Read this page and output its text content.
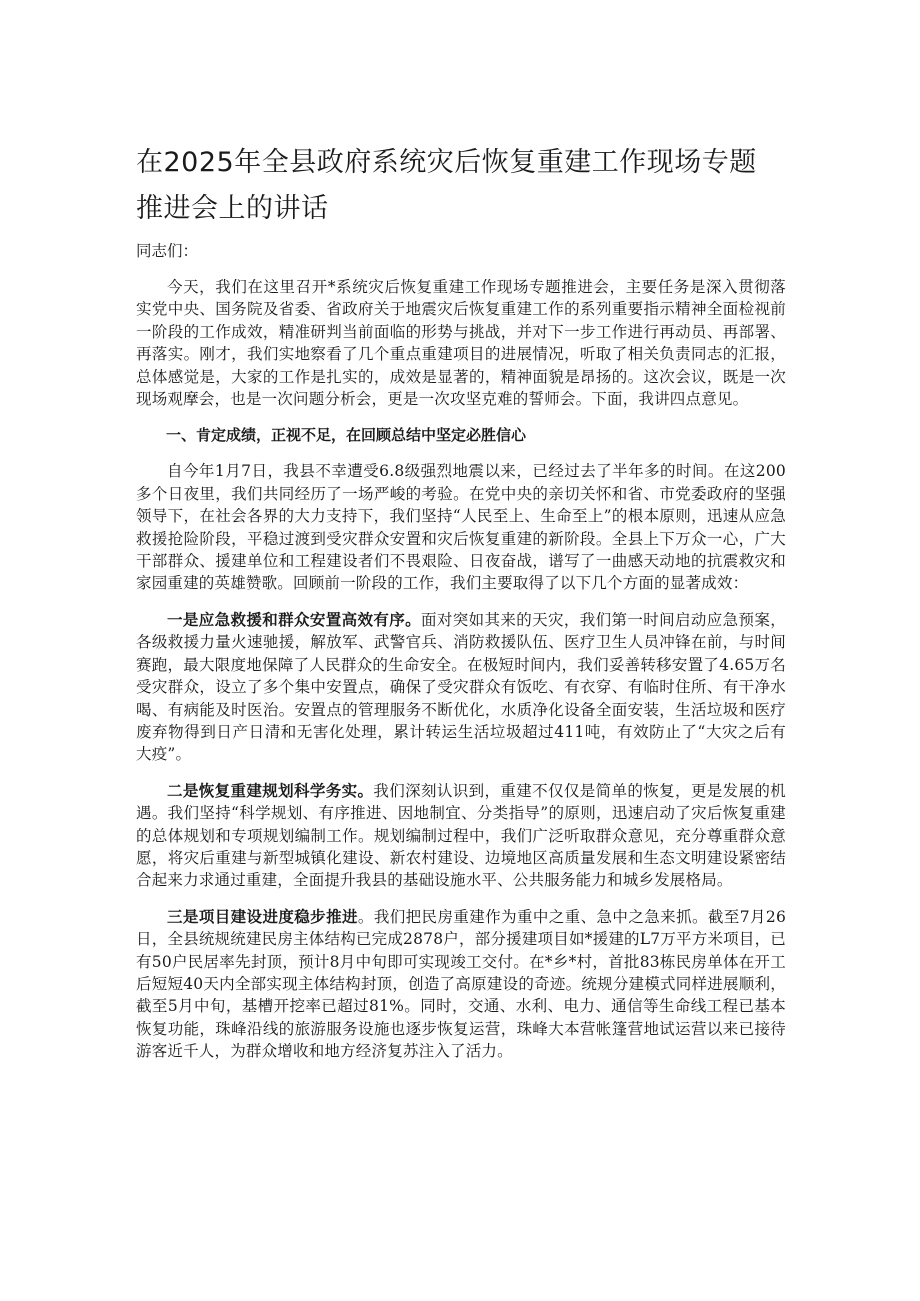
在2025年全县政府系统灾后恢复重建工作现场专题
推进会上的讲话

同志们：

今天，我们在这里召开*系统灾后恢复重建工作现场专题推进会，主要任务是深入贯彻落实党中央、国务院及省委、省政府关于地震灾后恢复重建工作的系列重要指示精神全面检视前一阶段的工作成效，精准研判当前面临的形势与挑战，并对下一步工作进行再动员、再部署、再落实。刚才，我们实地察看了几个重点重建项目的进展情况，听取了相关负责同志的汇报，总体感觉是，大家的工作是扎实的，成效是显著的，精神面貌是昂扬的。这次会议，既是一次现场观摩会，也是一次问题分析会，更是一次攻坚克难的誓师会。下面，我讲四点意见。

一、肯定成绩，正视不足，在回顾总结中坚定必胜信心

自今年1月7日，我县不幸遭受6.8级强烈地震以来，已经过去了半年多的时间。在这200多个日夜里，我们共同经历了一场严峻的考验。在党中央的亲切关怀和省、市党委政府的坚强领导下，在社会各界的大力支持下，我们坚持“人民至上、生命至上”的根本原则，迅速从应急救援抢险阶段，平稳过渡到受灾群众安置和灾后恢复重建的新阶段。全县上下万众一心，广大干部群众、援建单位和工程建设者们不畏艰险、日夜奋战，谱写了一曲感天动地的抗震救灾和家园重建的英雄赞歌。回顾前一阶段的工作，我们主要取得了以下几个方面的显著成效：

一是应急救援和群众安置高效有序。面对突如其来的天灾，我们第一时间启动应急预案，各级救援力量火速驰援，解放军、武警官兵、消防救援队伍、医疗卫生人员冲锋在前，与时间赛跑，最大限度地保障了人民群众的生命安全。在极短时间内，我们妥善转移安置了4.65万名受灾群众，设立了多个集中安置点，确保了受灾群众有饭吃、有衣穿、有临时住所、有干净水喝、有病能及时医治。安置点的管理服务不断优化，水质净化设备全面安装，生活垃圾和医疗废弃物得到日产日清和无害化处理，累计转运生活垃圾超过411吨，有效防止了“大灾之后有大疫”。

二是恢复重建规划科学务实。我们深刻认识到，重建不仅仅是简单的恢复，更是发展的机遇。我们坚持“科学规划、有序推进、因地制宜、分类指导”的原则，迅速启动了灾后恢复重建的总体规划和专项规划编制工作。规划编制过程中，我们广泛听取群众意见，充分尊重群众意愿，将灾后重建与新型城镇化建设、新农村建设、边境地区高质量发展和生态文明建设紧密结合起来力求通过重建，全面提升我县的基础设施水平、公共服务能力和城乡发展格局。

三是项目建设进度稳步推进。我们把民房重建作为重中之重、急中之急来抓。截至7月26日，全县统规统建民房主体结构已完成2878户，部分援建项目如*援建的L7万平方米项目，已有50户民居率先封顶，预计8月中旬即可实现竣工交付。在*乡*村，首批83栋民房单体在开工后短短40天内全部实现主体结构封顶，创造了高原建设的奇迹。统规分建模式同样进展顺利，截至5月中旬，基槽开挖率已超过81%。同时，交通、水利、电力、通信等生命线工程已基本恢复功能，珠峰沿线的旅游服务设施也逐步恢复运营，珠峰大本营帐篷营地试运营以来已接待游客近千人，为群众增收和地方经济复苏注入了活力。
